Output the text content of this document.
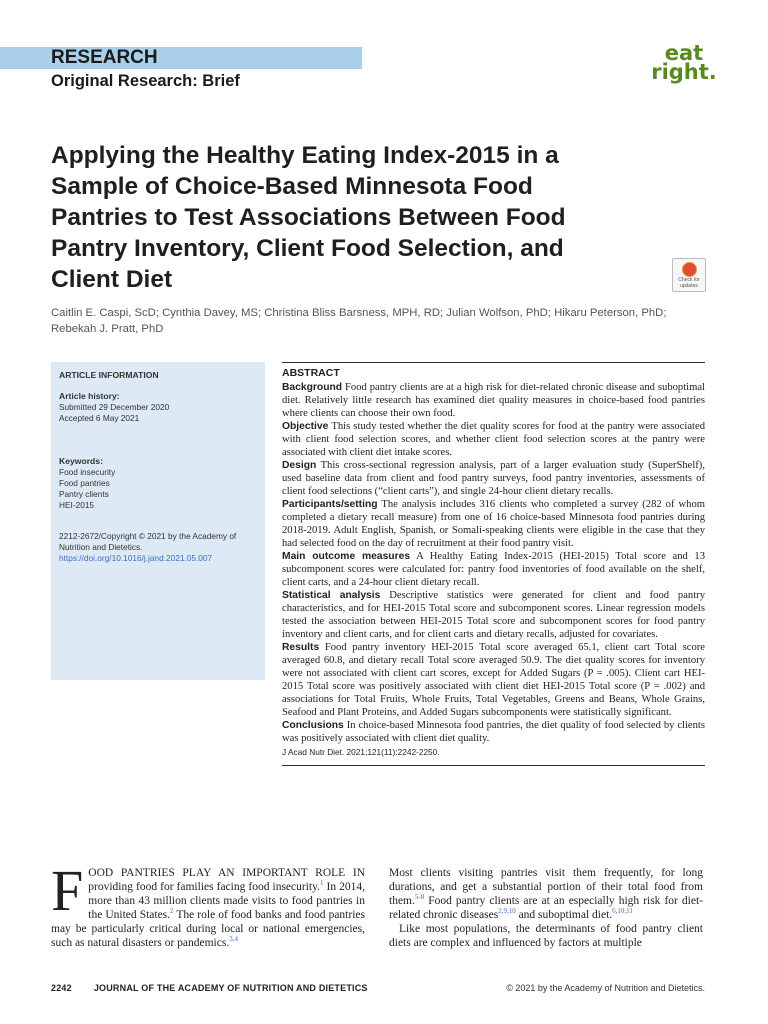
RESEARCH
Original Research: Brief
eat
right.
Applying the Healthy Eating Index-2015 in a Sample of Choice-Based Minnesota Food Pantries to Test Associations Between Food Pantry Inventory, Client Food Selection, and Client Diet	Check for updates
Caitlin E. Caspi, ScD; Cynthia Davey, MS; Christina Bliss Barsness, MPH, RD; Julian Wolfson, PhD; Hikaru Peterson, PhD; Rebekah J. Pratt, PhD
ARTICLE INFORMATION
Article history:
Submitted 29 December 2020
Accepted 6 May 2021
Keywords:
Food insecurity
Food pantries
Pantry clients
HEI-2015
2212-2672/Copyright © 2021 by the Academy of Nutrition and Dietetics.
https://doi.org/10.1016/j.jand.2021.05.007
ABSTRACT

Background Food pantry clients are at a high risk for diet-related chronic disease and suboptimal diet. Relatively little research has examined diet quality measures in choice-based food pantries where clients can choose their own food.

Objective This study tested whether the diet quality scores for food at the pantry were associated with client food selection scores, and whether client food selection scores at the pantry were associated with client diet intake scores.

Design This cross-sectional regression analysis, part of a larger evaluation study (SuperShelf), used baseline data from client and food pantry surveys, food pantry inventories, assessments of client food selections (“client carts”), and single 24-hour client dietary recalls.

Participants/setting The analysis includes 316 clients who completed a survey (282 of whom completed a dietary recall measure) from one of 16 choice-based Minnesota food pantries during 2018-2019. Adult English, Spanish, or Somali-speaking clients were eligible in the case that they had selected food on the day of recruitment at their food pantry visit.

Main outcome measures A Healthy Eating Index-2015 (HEI-2015) Total score and 13 subcomponent scores were calculated for: pantry food inventories of food available on the shelf, client carts, and a 24-hour client dietary recall.

Statistical analysis Descriptive statistics were generated for client and food pantry characteristics, and for HEI-2015 Total score and subcomponent scores. Linear regression models tested the association between HEI-2015 Total score and subcomponent scores for food pantry inventory and client carts, and for client carts and dietary recalls, adjusted for covariates.

Results Food pantry inventory HEI-2015 Total score averaged 65.1, client cart Total score averaged 60.8, and dietary recall Total score averaged 50.9. The diet quality scores for inventory were not associated with client cart scores, except for Added Sugars (P = .005). Client cart HEI-2015 Total score was positively associated with client diet HEI-2015 Total score (P = .002) and associations for Total Fruits, Whole Fruits, Total Vegetables, Greens and Beans, Whole Grains, Seafood and Plant Proteins, and Added Sugars subcomponents were statistically significant.

Conclusions In choice-based Minnesota food pantries, the diet quality of food selected by clients was positively associated with client diet quality.

J Acad Nutr Diet. 2021;121(11):2242-2250.
FOOD PANTRIES PLAY AN IMPORTANT ROLE IN providing food for families facing food insecurity.$^1$ In 2014, more than 43 million clients made visits to food pantries in the United States.$^2$ The role of food banks and food pantries may be particularly critical during local or national emergencies, such as natural disasters or pandemics.$^{3,4}$
Most clients visiting pantries visit them frequently, for long durations, and get a substantial portion of their total food from them.$^{5-8}$ Food pantry clients are at an especially high risk for diet-related chronic diseases$^{2,9,10}$ and suboptimal diet.$^{6,10,11}$
Like most populations, the determinants of food pantry client diets are complex and influenced by factors at multiple
2242 JOURNAL OF THE ACADEMY OF NUTRITION AND DIETETICS	© 2021 by the Academy of Nutrition and Dietetics.
